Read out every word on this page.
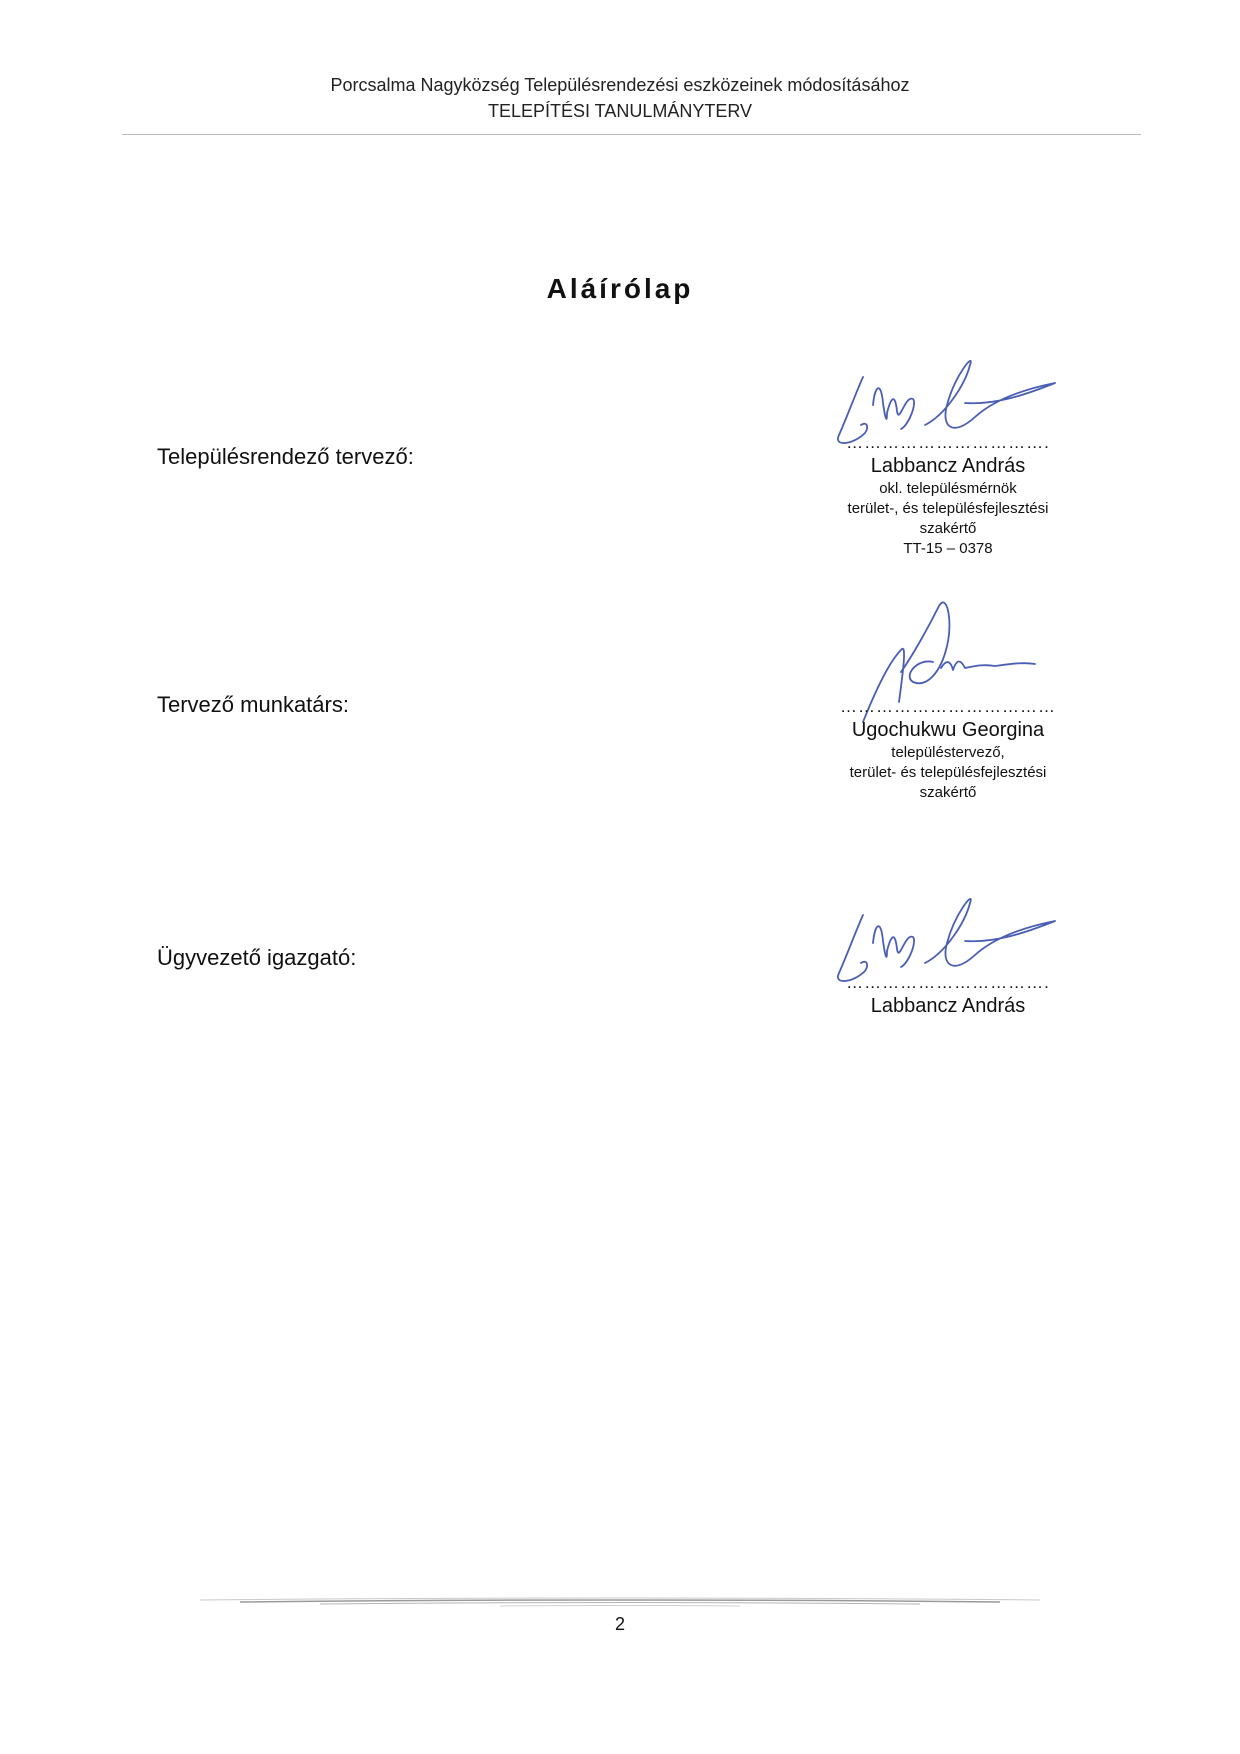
Porcsalma Nagyközség Településrendezési eszközeinek módosításához
TELEPÍTÉSI TANULMÁNYTERV
Aláírólap
Településrendező tervező:
…………………………….
Labbancz András
okl. településmérnök
terület-, és településfejlesztési
szakértő
TT-15 – 0378
Tervező munkatárs:	………………………………
Ugochukwu Georgina
településtervező,
terület- és településfejlesztési
szakértő
Ügyvezető igazgató:
…………………………….
Labbancz András
2
